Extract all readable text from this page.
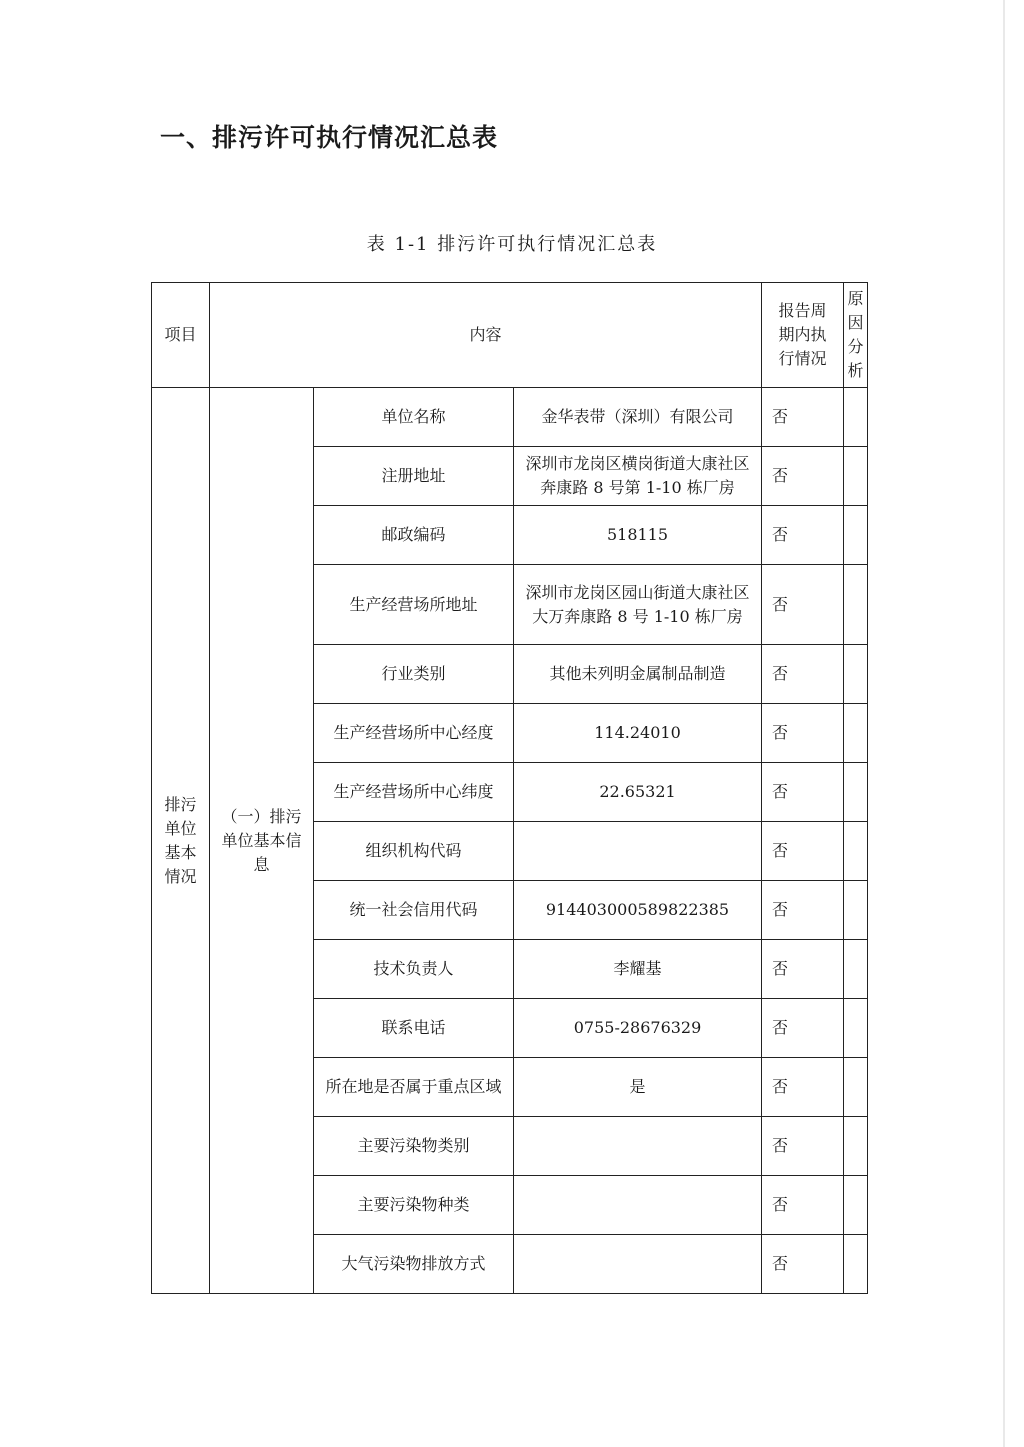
一、排污许可执行情况汇总表
表 1-1 排污许可执行情况汇总表
项目	内容			报告周期内执行情况	原因分析
排污单位基本情况	（一）排污单位基本信息	单位名称	金华表带（深圳）有限公司	否	
		注册地址	深圳市龙岗区横岗街道大康社区奔康路 8 号第 1-10 栋厂房	否	
		邮政编码	518115	否	
		生产经营场所地址	深圳市龙岗区园山街道大康社区大万奔康路 8 号 1-10 栋厂房	否	
		行业类别	其他未列明金属制品制造	否	
		生产经营场所中心经度	114.24010	否	
		生产经营场所中心纬度	22.65321	否	
		组织机构代码		否	
		统一社会信用代码	914403000589822385	否	
		技术负责人	李耀基	否	
		联系电话	0755-28676329	否	
		所在地是否属于重点区域	是	否	
		主要污染物类别		否	
		主要污染物种类		否	
		大气污染物排放方式		否	
